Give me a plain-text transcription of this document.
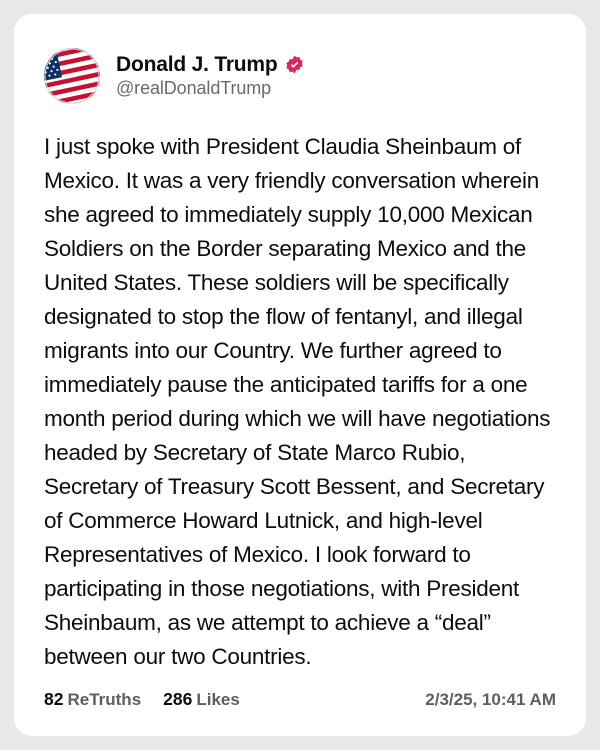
Donald J. Trump
@realDonaldTrump
I just spoke with President Claudia Sheinbaum of Mexico. It was a very friendly conversation wherein she agreed to immediately supply 10,000 Mexican Soldiers on the Border separating Mexico and the United States. These soldiers will be specifically designated to stop the flow of fentanyl, and illegal migrants into our Country. We further agreed to immediately pause the anticipated tariffs for a one month period during which we will have negotiations headed by Secretary of State Marco Rubio, Secretary of Treasury Scott Bessent, and Secretary of Commerce Howard Lutnick, and high-level Representatives of Mexico. I look forward to participating in those negotiations, with President Sheinbaum, as we attempt to achieve a “deal” between our two Countries.
82 ReTruths 286 Likes	2/3/25, 10:41 AM
